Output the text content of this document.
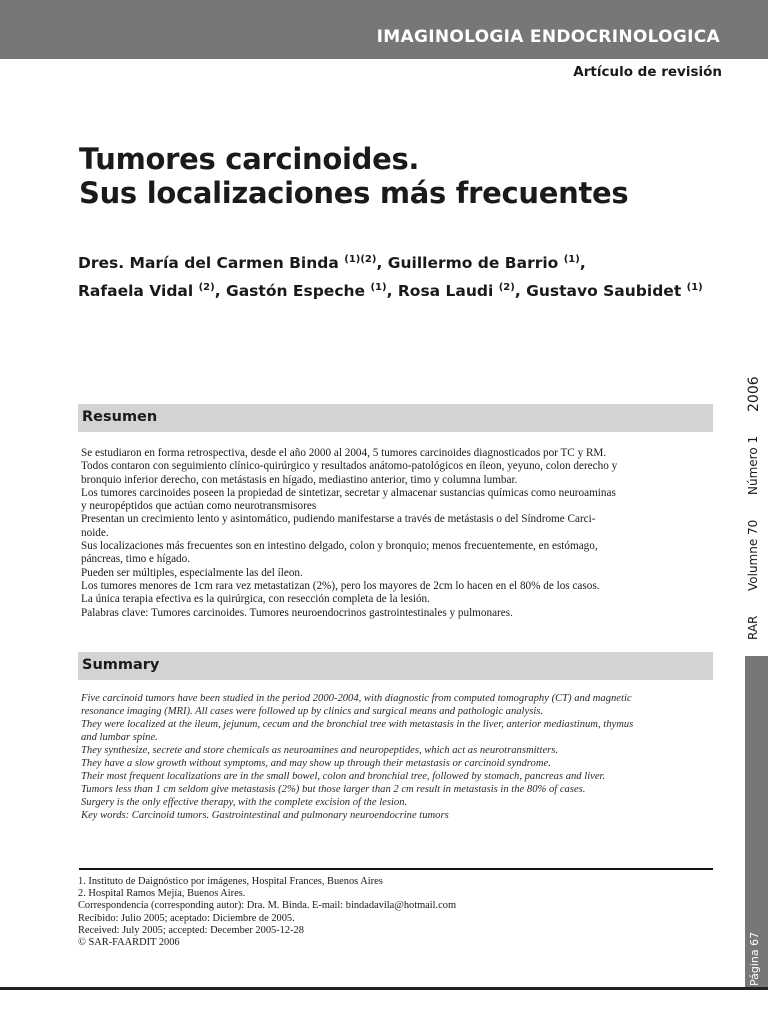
IMAGINOLOGIA ENDOCRINOLOGICA
Artículo de revisión
Tumores carcinoides.
Sus localizaciones más frecuentes
Dres. María del Carmen Binda $^{(1)(2)}$, Guillermo de Barrio $^{(1)}$,
Rafaela Vidal $^{(2)}$, Gastón Espeche $^{(1)}$, Rosa Laudi $^{(2)}$, Gustavo Saubidet $^{(1)}$
RAR
Volumne 70
Número 1
2006
Resumen

Se estudiaron en forma retrospectiva, desde el año 2000 al 2004, 5 tumores carcinoides diagnosticados por TC y RM.

Todos contaron con seguimiento clínico-quirúrgico y resultados anátomo-patológicos en íleon, yeyuno, colon derecho y

bronquio inferior derecho, con metástasis en hígado, mediastino anterior, timo y columna lumbar.

Los tumores carcinoides poseen la propiedad de sintetizar, secretar y almacenar sustancias químicas como neuroaminas

y neuropéptidos que actúan como neurotransmisores

Presentan un crecimiento lento y asintomático, pudiendo manifestarse a través de metástasis o del Síndrome Carci-

noide.

Sus localizaciones más frecuentes son en intestino delgado, colon y bronquio; menos frecuentemente, en estómago,

páncreas, timo e hígado.

Pueden ser múltiples, especialmente las del íleon.

Los tumores menores de 1cm rara vez metastatizan (2%), pero los mayores de 2cm lo hacen en el 80% de los casos.

La única terapia efectiva es la quirúrgica, con resección completa de la lesión.

Palabras clave: Tumores carcinoides. Tumores neuroendocrinos gastrointestinales y pulmonares.

Summary

Five carcinoid tumors have been studied in the period 2000-2004, with diagnostic from computed tomography (CT) and magnetic

resonance imaging (MRI). All cases were followed up by clinics and surgical means and pathologic analysis.

They were localized at the ileum, jejunum, cecum and the bronchial tree with metastasis in the liver, anterior mediastinum, thymus

and lumbar spine.

They synthesize, secrete and store chemicals as neuroamines and neuropeptides, which act as neurotransmitters.

They have a slow growth without symptoms, and may show up through their metastasis or carcinoid syndrome.

Their most frequent localizations are in the small bowel, colon and bronchial tree, followed by stomach, pancreas and liver.

Tumors less than 1 cm seldom give metastasis (2%) but those larger than 2 cm result in metastasis in the 80% of cases.

Surgery is the only effective therapy, with the complete excision of the lesion.

Key words: Carcinoid tumors. Gastrointestinal and pulmonary neuroendocrine tumors

1. Instituto de Daignóstico por imágenes, Hospital Frances, Buenos Aires

2. Hospital Ramos Mejía, Buenos Aires.

Correspondencia (corresponding autor): Dra. M. Binda. E-mail: bindadavila@hotmail.com

Recibido: Julio 2005; aceptado: Diciembre de 2005.

Received: July 2005; accepted: December 2005-12-28

© SAR-FAARDIT 2006	Página 67
